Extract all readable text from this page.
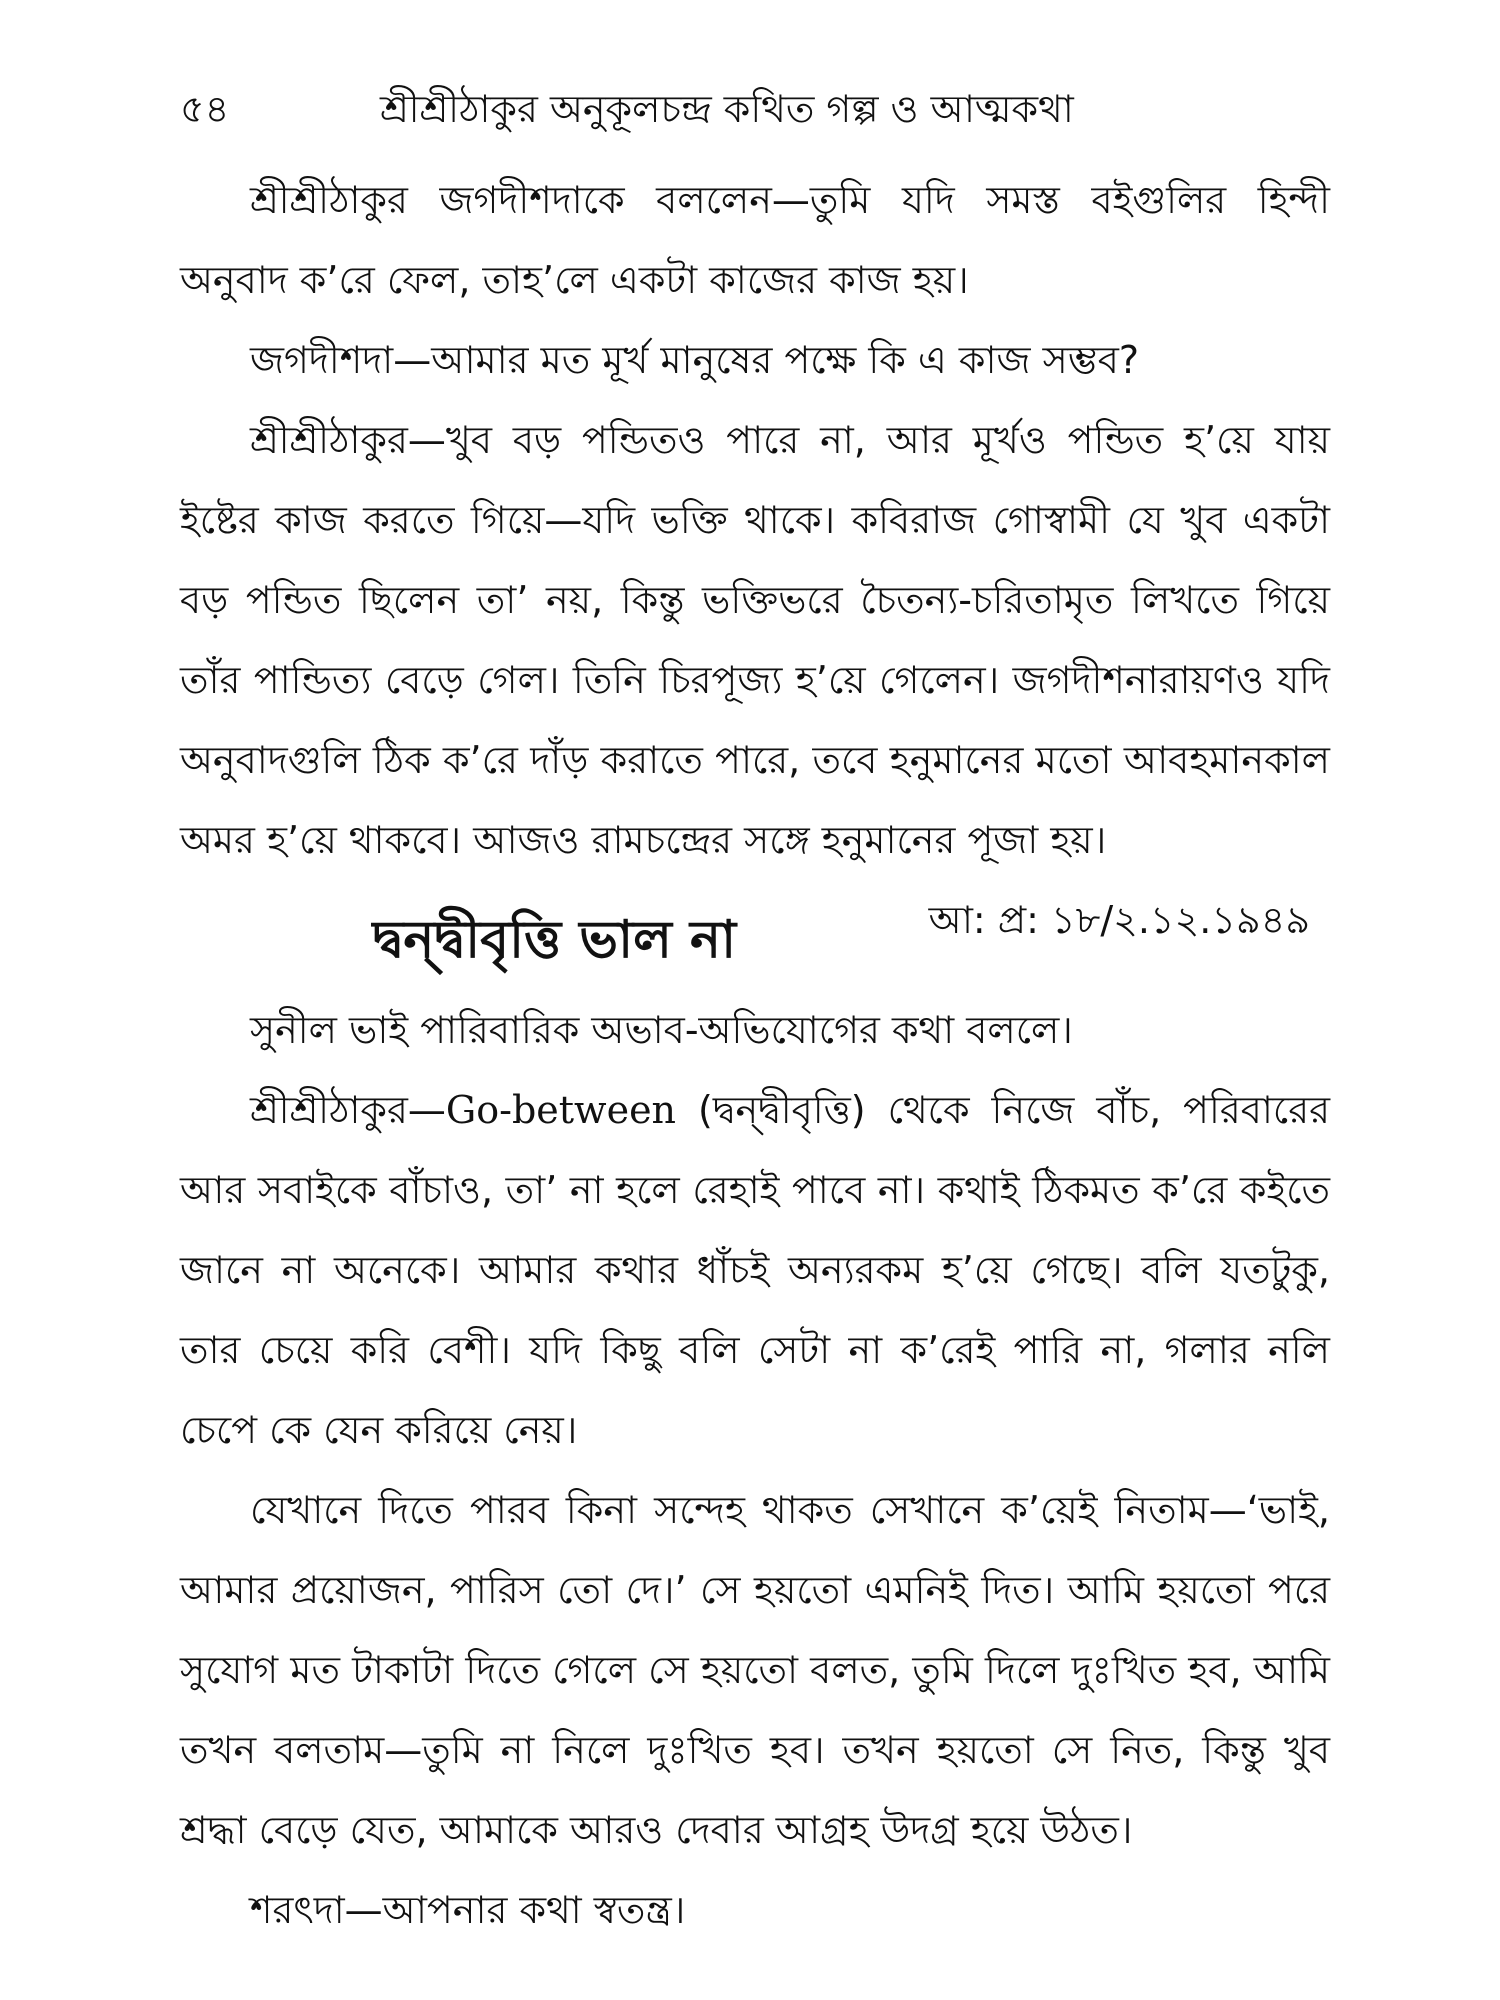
৫৪	শ্রীশ্রীঠাকুর অনুকূলচন্দ্র কথিত গল্প ও আত্মকথা

শ্রীশ্রীঠাকুর জগদীশদাকে বললেন—তুমি যদি সমস্ত বইগুলির হিন্দী অনুবাদ ক’রে ফেল, তাহ’লে একটা কাজের কাজ হয়।

জগদীশদা—আমার মত মূর্খ মানুষের পক্ষে কি এ কাজ সম্ভব?

শ্রীশ্রীঠাকুর—খুব বড় পন্ডিতও পারে না, আর মূর্খও পন্ডিত হ’য়ে যায় ইষ্টের কাজ করতে গিয়ে—যদি ভক্তি থাকে। কবিরাজ গোস্বামী যে খুব একটা বড় পন্ডিত ছিলেন তা’ নয়, কিন্তু ভক্তিভরে চৈতন্য-চরিতামৃত লিখতে গিয়ে তাঁর পান্ডিত্য বেড়ে গেল। তিনি চিরপূজ্য হ’য়ে গেলেন। জগদীশনারায়ণও যদি অনুবাদগুলি ঠিক ক’রে দাঁড় করাতে পারে, তবে হনুমানের মতো আবহমানকাল অমর হ’য়ে থাকবে। আজও রামচন্দ্রের সঙ্গে হনুমানের পূজা হয়।
আ: প্র: ১৮/২.১২.১৯৪৯

দ্বন্দ্বীবৃত্তি ভাল না

সুনীল ভাই পারিবারিক অভাব-অভিযোগের কথা বললে।

শ্রীশ্রীঠাকুর—Go-between (দ্বন্দ্বীবৃত্তি) থেকে নিজে বাঁচ, পরিবারের আর সবাইকে বাঁচাও, তা’ না হলে রেহাই পাবে না। কথাই ঠিকমত ক’রে কইতে জানে না অনেকে। আমার কথার ধাঁচই অন্যরকম হ’য়ে গেছে। বলি যতটুকু, তার চেয়ে করি বেশী। যদি কিছু বলি সেটা না ক’রেই পারি না, গলার নলি চেপে কে যেন করিয়ে নেয়।

যেখানে দিতে পারব কিনা সন্দেহ থাকত সেখানে ক’য়েই নিতাম—‘ভাই, আমার প্রয়োজন, পারিস তো দে।’ সে হয়তো এমনিই দিত। আমি হয়তো পরে সুযোগ মত টাকাটা দিতে গেলে সে হয়তো বলত, তুমি দিলে দুঃখিত হব, আমি তখন বলতাম—তুমি না নিলে দুঃখিত হব। তখন হয়তো সে নিত, কিন্তু খুব শ্রদ্ধা বেড়ে যেত, আমাকে আরও দেবার আগ্রহ উদগ্র হয়ে উঠত।

শরৎদা—আপনার কথা স্বতন্ত্র।
